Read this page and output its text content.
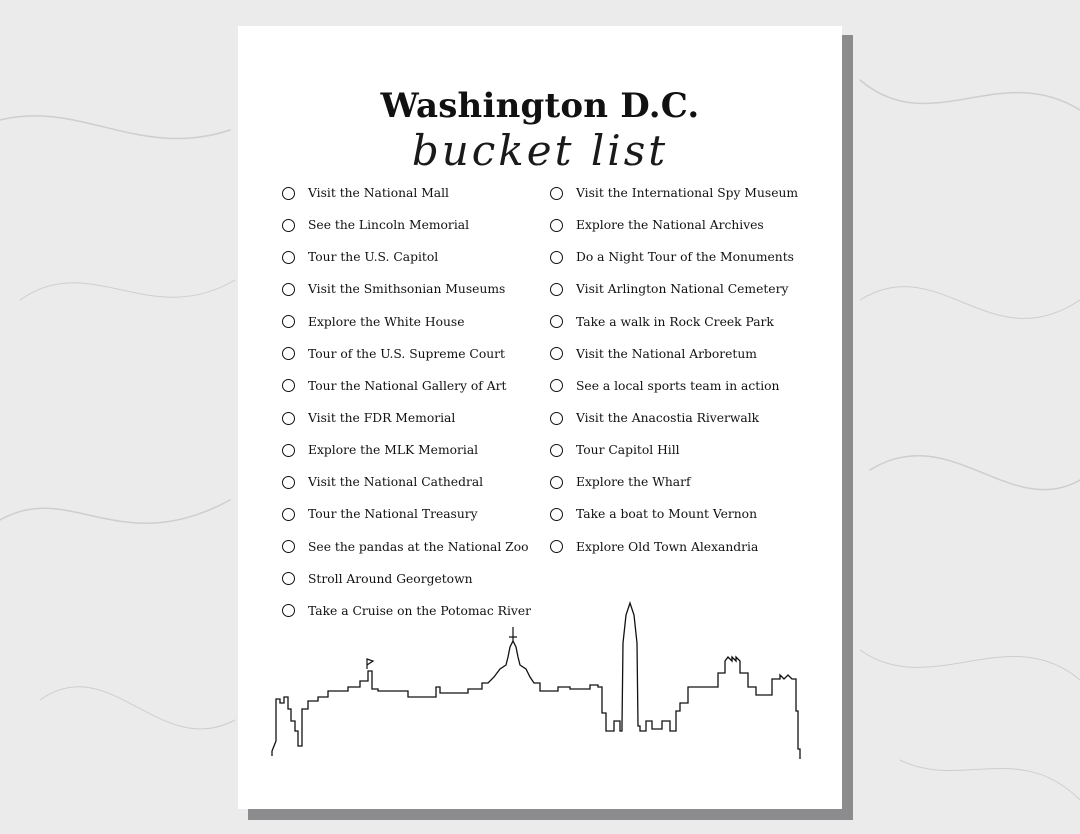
Washington D.C.
bucket list
Visit the National Mall
See the Lincoln Memorial
Tour the U.S. Capitol
Visit the Smithsonian Museums
Explore the White House
Tour of the U.S. Supreme Court
Tour the National Gallery of Art
Visit the FDR Memorial
Explore the MLK Memorial
Visit the National Cathedral
Tour the National Treasury
See the pandas at the National Zoo
Stroll Around Georgetown
Take a Cruise on the Potomac River
Visit the International Spy Museum
Explore the National Archives
Do a Night Tour of the Monuments
Visit Arlington National Cemetery
Take a walk in Rock Creek Park
Visit the National Arboretum
See a local sports team in action
Visit the Anacostia Riverwalk
Tour Capitol Hill
Explore the Wharf
Take a boat to Mount Vernon
Explore Old Town Alexandria
